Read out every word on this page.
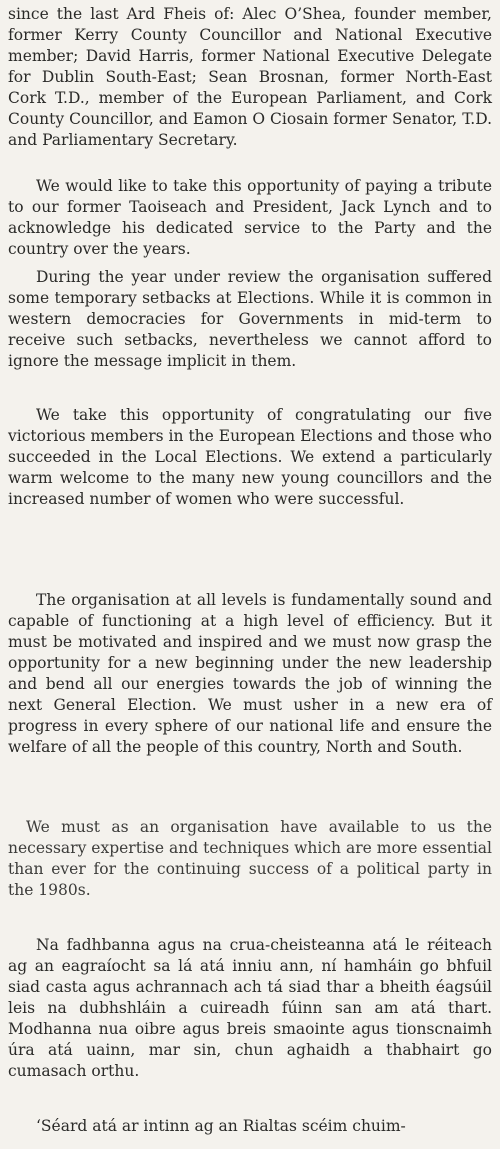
since the last Ard Fheis of: Alec O’Shea, founder member, former Kerry County Councillor and National Executive member; David Harris, former National Executive Delegate for Dublin South-East; Sean Brosnan, former North-East Cork T.D., member of the European Parliament, and Cork County Councillor, and Eamon O Ciosain former Senator, T.D. and Parliamentary Secretary.

We would like to take this opportunity of paying a tribute to our former Taoiseach and President, Jack Lynch and to acknowledge his dedicated service to the Party and the country over the years.

During the year under review the organisation suffered some temporary setbacks at Elections. While it is common in western democracies for Governments in mid-term to receive such setbacks, nevertheless we cannot afford to ignore the message implicit in them.

We take this opportunity of congratulating our five victorious members in the European Elections and those who succeeded in the Local Elections. We extend a particularly warm welcome to the many new young councillors and the increased number of women who were successful.

The organisation at all levels is fundamentally sound and capable of functioning at a high level of efficiency. But it must be motivated and inspired and we must now grasp the opportunity for a new beginning under the new leadership and bend all our energies towards the job of winning the next General Election. We must usher in a new era of progress in every sphere of our national life and ensure the welfare of all the people of this country, North and South.

We must as an organisation have available to us the necessary expertise and techniques which are more essential than ever for the continuing success of a political party in the 1980s.

Na fadhbanna agus na crua-cheisteanna atá le réiteach ag an eagraíocht sa lá atá inniu ann, ní hamháin go bhfuil siad casta agus achrannach ach tá siad thar a bheith éagsúil leis na dubhshláin a cuireadh fúinn san am atá thart. Modhanna nua oibre agus breis smaointe agus tionscnaimh úra atá uainn, mar sin, chun aghaidh a thabhairt go cumasach orthu.

‘Séard atá ar intinn ag an Rialtas scéim chuim-
